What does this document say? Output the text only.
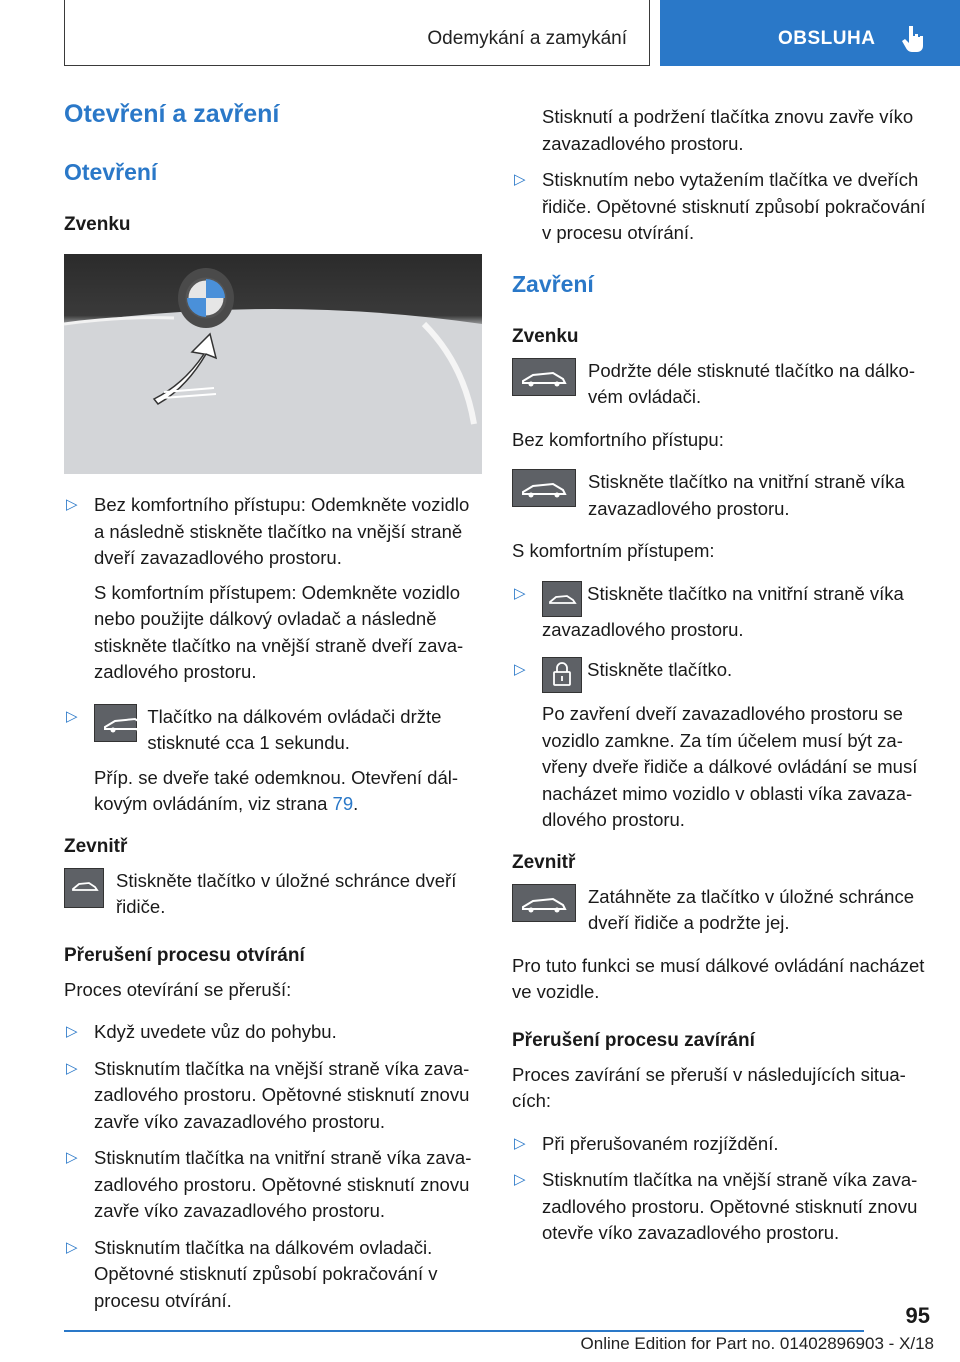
Odemykání a zamykání	OBSLUHA
Otevření a zavření
Otevření
Zvenku

▷ Bez komfortního přístupu: Odemkněte vozidlo a následně stiskněte tlačítko na vnější straně dveří zavazadlového prostoru.

S komfortním přístupem: Odemkněte vozidlo nebo použijte dálkový ovladač a následně stiskněte tlačítko na vnější straně dveří zavazadlového prostoru.

▷ Tlačítko na dálkovém ovládači držte stisknuté cca 1 sekundu.

Příp. se dveře také odemknou. Otevření dálkovým ovládáním, viz strana 79.

Zevnitř

Stiskněte tlačítko v úložné schránce dveří řidiče.

Přerušení procesu otvírání

Proces otevírání se přeruší:

▷ Když uvedete vůz do pohybu.
▷ Stisknutím tlačítka na vnější straně víka zavazadlového prostoru. Opětovné stisknutí znovu zavře víko zavazadlového prostoru.
▷ Stisknutím tlačítka na vnitřní straně víka zavazadlového prostoru. Opětovné stisknutí znovu zavře víko zavazadlového prostoru.
▷ Stisknutím tlačítka na dálkovém ovladači. Opětovné stisknutí způsobí pokračování v procesu otvírání.

Stisknutí a podržení tlačítka znovu zavře víko zavazadlového prostoru.

▷ Stisknutím nebo vytažením tlačítka ve dveřích řidiče. Opětovné stisknutí způsobí pokračování v procesu otvírání.
Zavření
Zvenku

Podržte déle stisknuté tlačítko na dálkovém ovládači.

Bez komfortního přístupu:

Stiskněte tlačítko na vnitřní straně víka zavazadlového prostoru.

S komfortním přístupem:

▷ Stiskněte tlačítko na vnitřní straně víka zavazadlového prostoru.
▷ Stiskněte tlačítko.

Po zavření dveří zavazadlového prostoru se vozidlo zamkne. Za tím účelem musí být zavřeny dveře řidiče a dálkové ovládání se musí nacházet mimo vozidlo v oblasti víka zavazadlového prostoru.

Zevnitř

Zatáhněte za tlačítko v úložné schránce dveří řidiče a podržte jej.

Pro tuto funkci se musí dálkové ovládání nacházet ve vozidle.

Přerušení procesu zavírání

Proces zavírání se přeruší v následujících situacích:

▷ Při přerušovaném rozjíždění.
▷ Stisknutím tlačítka na vnější straně víka zavazadlového prostoru. Opětovné stisknutí znovu otevře víko zavazadlového prostoru.
95
Online Edition for Part no. 01402896903 - X/18
